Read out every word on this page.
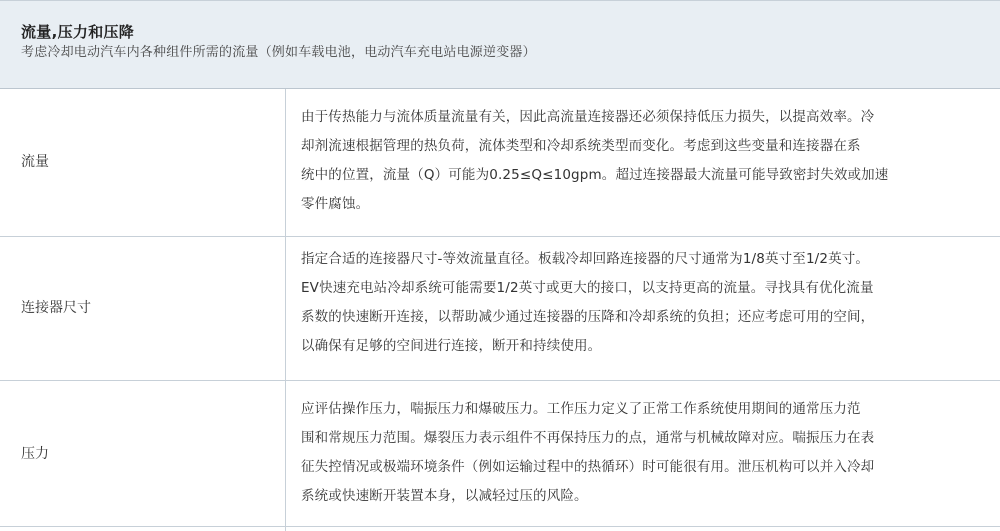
流量,压力和压降
考虑冷却电动汽车内各种组件所需的流量（例如车载电池，电动汽车充电站电源逆变器）
流量
由于传热能力与流体质量流量有关，因此高流量连接器还必须保持低压力损失，以提高效率。冷
却剂流速根据管理的热负荷，流体类型和冷却系统类型而变化。考虑到这些变量和连接器在系
统中的位置，流量（Q）可能为0.25≤Q≤10gpm。超过连接器最大流量可能导致密封失效或加速
零件腐蚀。
连接器尺寸
指定合适的连接器尺寸-等效流量直径。板载冷却回路连接器的尺寸通常为1/8英寸至1/2英寸。
EV快速充电站冷却系统可能需要1/2英寸或更大的接口，以支持更高的流量。寻找具有优化流量
系数的快速断开连接，以帮助减少通过连接器的压降和冷却系统的负担；还应考虑可用的空间，
以确保有足够的空间进行连接，断开和持续使用。
压力
应评估操作压力，喘振压力和爆破压力。工作压力定义了正常工作系统使用期间的通常压力范
围和常规压力范围。爆裂压力表示组件不再保持压力的点，通常与机械故障对应。喘振压力在表
征失控情况或极端环境条件（例如运输过程中的热循环）时可能很有用。泄压机构可以并入冷却
系统或快速断开装置本身，以减轻过压的风险。
